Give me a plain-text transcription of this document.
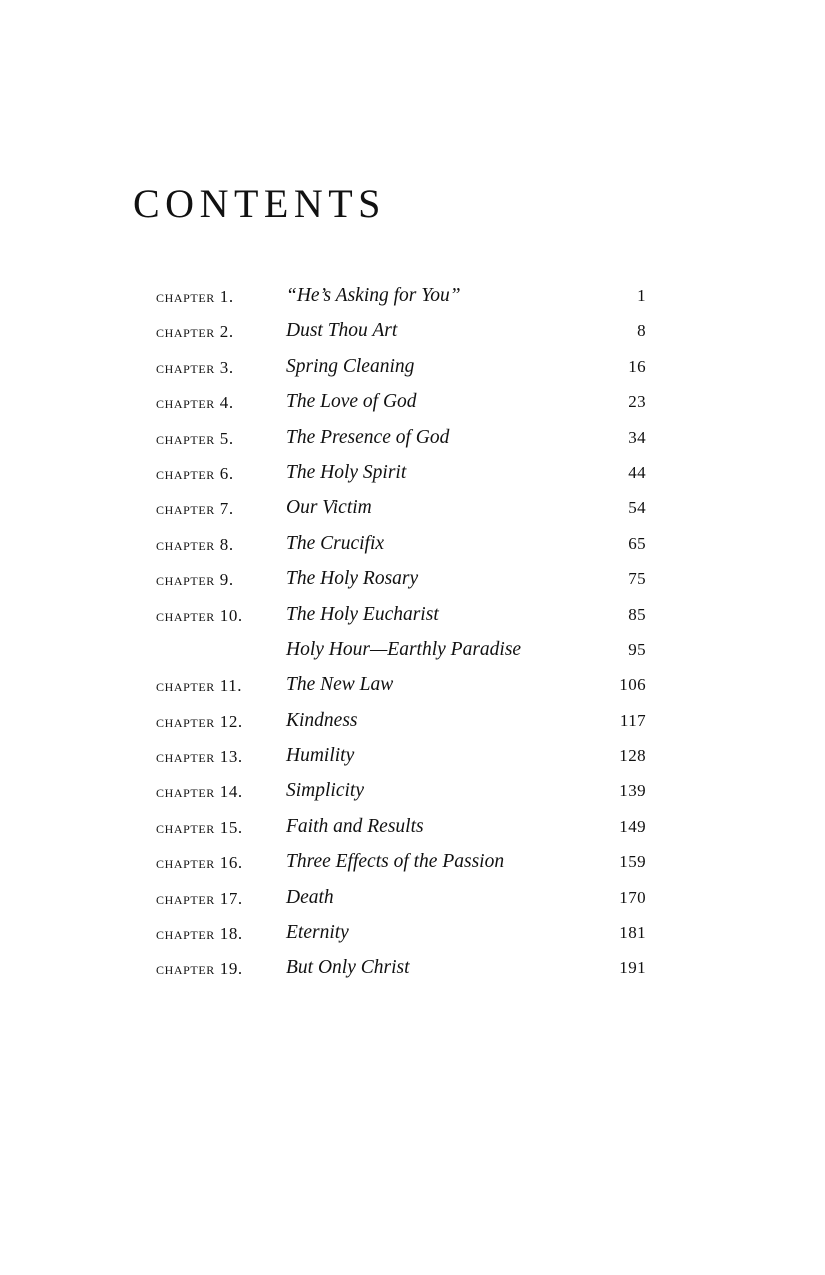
CONTENTS
chapter 1.	“He’s Asking for You”	1
chapter 2.	Dust Thou Art	8
chapter 3.	Spring Cleaning	16
chapter 4.	The Love of God	23
chapter 5.	The Presence of God	34
chapter 6.	The Holy Spirit	44
chapter 7.	Our Victim	54
chapter 8.	The Crucifix	65
chapter 9.	The Holy Rosary	75
chapter 10. The Holy Eucharist	85
Holy Hour—Earthly Paradise	95
chapter 11. The New Law	106
chapter 12. Kindness	117
chapter 13. Humility	128
chapter 14. Simplicity	139
chapter 15. Faith and Results	149
chapter 16. Three Effects of the Passion	159
chapter 17. Death	170
chapter 18. Eternity	181
chapter 19. But Only Christ	191
